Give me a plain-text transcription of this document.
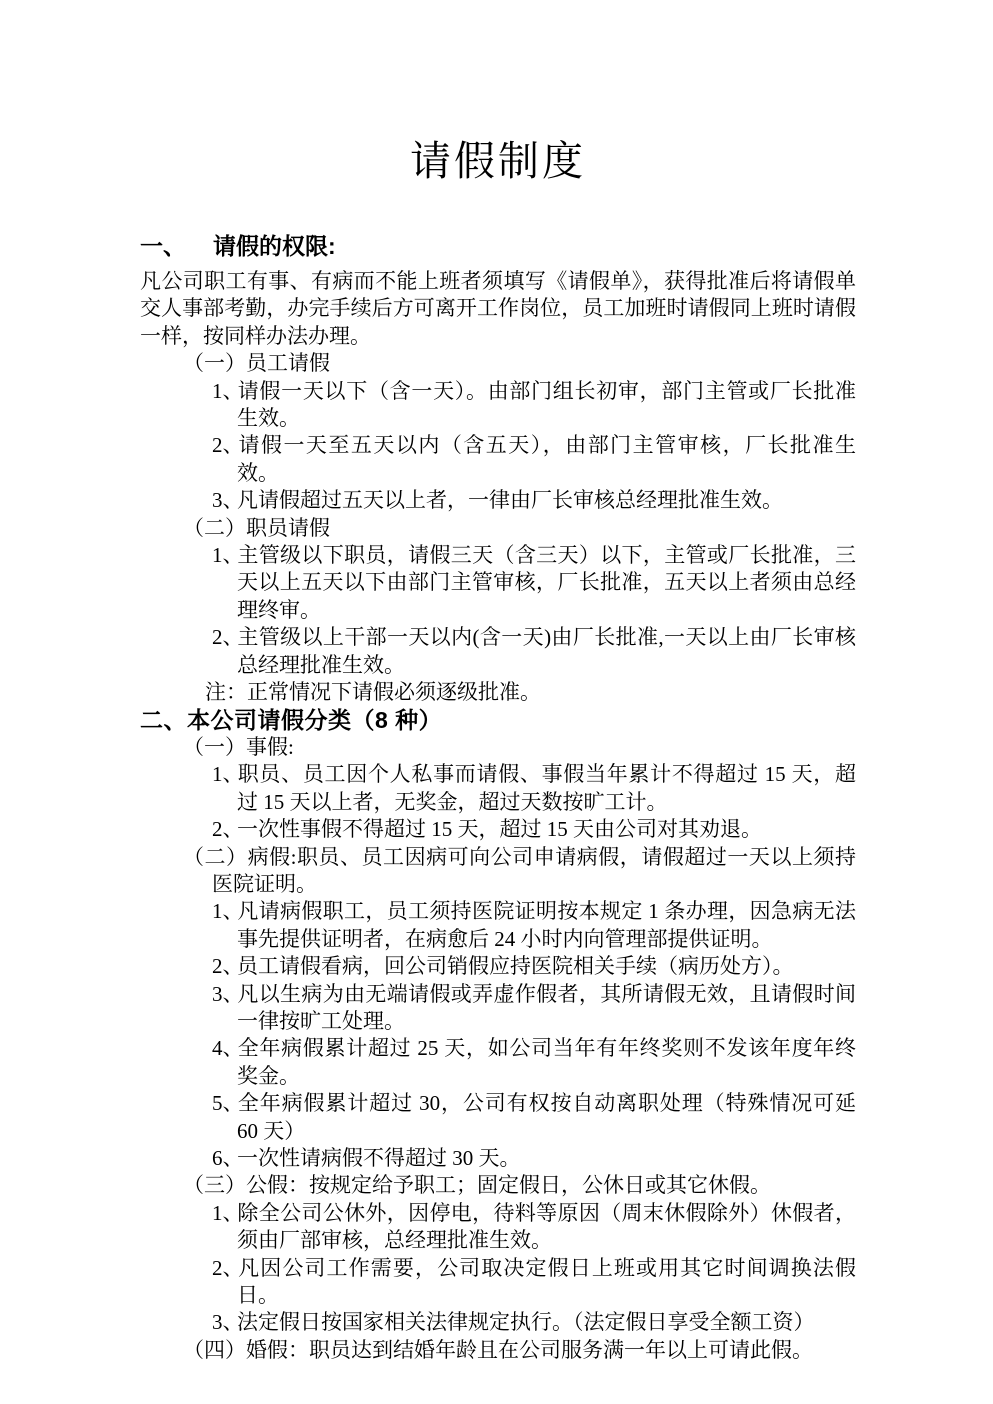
请假制度
一、 请假的权限:

凡公司职工有事、有病而不能上班者须填写《请假单》，获得批准后将请假单交人事部考勤，办完手续后方可离开工作岗位，员工加班时请假同上班时请假一样，按同样办法办理。

（一）员工请假

1、请假一天以下（含一天）。由部门组长初审，部门主管或厂长批准生效。

2、请假一天至五天以内（含五天），由部门主管审核，厂长批准生效。

3、凡请假超过五天以上者，一律由厂长审核总经理批准生效。

（二）职员请假

1、主管级以下职员，请假三天（含三天）以下，主管或厂长批准，三天以上五天以下由部门主管审核，厂长批准，五天以上者须由总经理终审。

2、主管级以上干部一天以内(含一天)由厂长批准,一天以上由厂长审核总经理批准生效。

注：正常情况下请假必须逐级批准。

二、本公司请假分类（8 种）

（一）事假:

1、职员、员工因个人私事而请假、事假当年累计不得超过 15 天，超过 15 天以上者，无奖金，超过天数按旷工计。

2、一次性事假不得超过 15 天，超过 15 天由公司对其劝退。

（二）病假:职员、员工因病可向公司申请病假，请假超过一天以上须持医院证明。

1、凡请病假职工，员工须持医院证明按本规定 1 条办理，因急病无法事先提供证明者，在病愈后 24 小时内向管理部提供证明。

2、员工请假看病，回公司销假应持医院相关手续（病历处方）。

3、凡以生病为由无端请假或弄虚作假者，其所请假无效，且请假时间一律按旷工处理。

4、全年病假累计超过 25 天，如公司当年有年终奖则不发该年度年终奖金。

5、全年病假累计超过 30，公司有权按自动离职处理（特殊情况可延 60 天）

6、一次性请病假不得超过 30 天。

（三）公假：按规定给予职工；固定假日，公休日或其它休假。

1、除全公司公休外，因停电，待料等原因（周末休假除外）休假者，须由厂部审核，总经理批准生效。

2、凡因公司工作需要，公司取决定假日上班或用其它时间调换法假日。

3、法定假日按国家相关法律规定执行。（法定假日享受全额工资）

（四）婚假：职员达到结婚年龄且在公司服务满一年以上可请此假。
